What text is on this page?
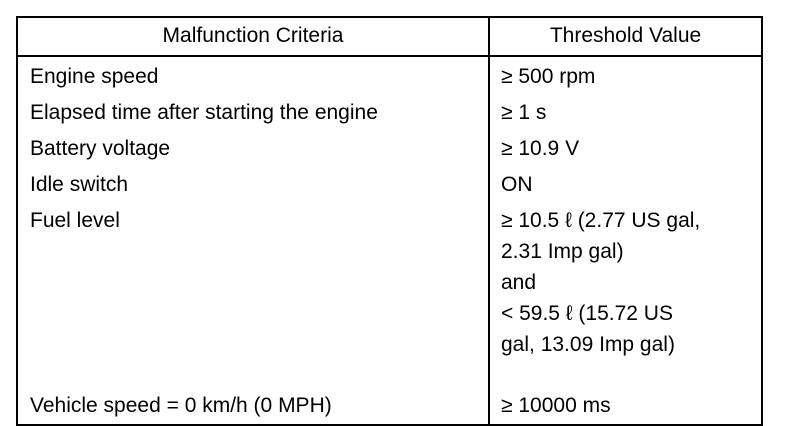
Malfunction Criteria	Threshold Value
Engine speed
Elapsed time after starting the engine
Battery voltage
Idle switch
Fuel level
Vehicle speed = 0 km/h (0 MPH)
≥ 500 rpm
≥ 1 s
≥ 10.9 V
ON
≥ 10.5 ℓ (2.77 US gal,
2.31 Imp gal)
and
< 59.5 ℓ (15.72 US
gal, 13.09 Imp gal)
≥ 10000 ms
